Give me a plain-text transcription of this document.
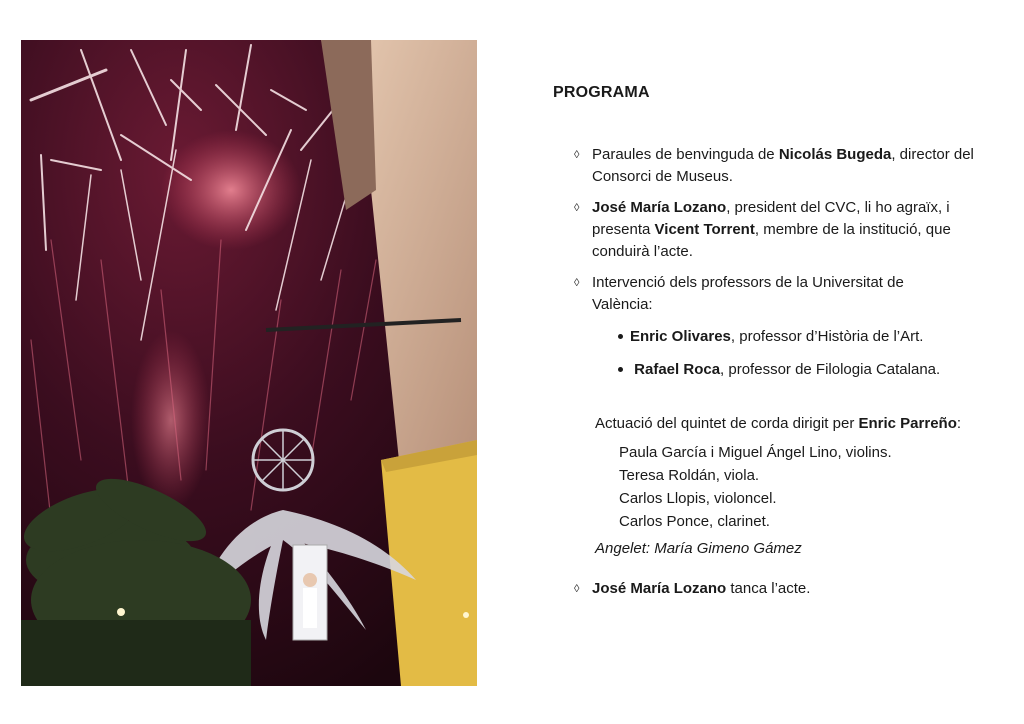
PROGRAMA
◊ Paraules de benvinguda de Nicolás Bugeda, director del
Consorci de Museus.
◊ José María Lozano, president del CVC, li ho agraïx, i
presenta Vicent Torrent, membre de la institució, que
conduirà l’acte.
◊ Intervenció dels professors de la Universitat de
València:
Enric Olivares, professor d’Història de l’Art.
Rafael Roca, professor de Filologia Catalana.
Actuació del quintet de corda dirigit per Enric Parreño:
Paula García i Miguel Ángel Lino, violins.
Teresa Roldán, viola.
Carlos Llopis, violoncel.
Carlos Ponce, clarinet.
Angelet: María Gimeno Gámez
◊ José María Lozano tanca l’acte.
